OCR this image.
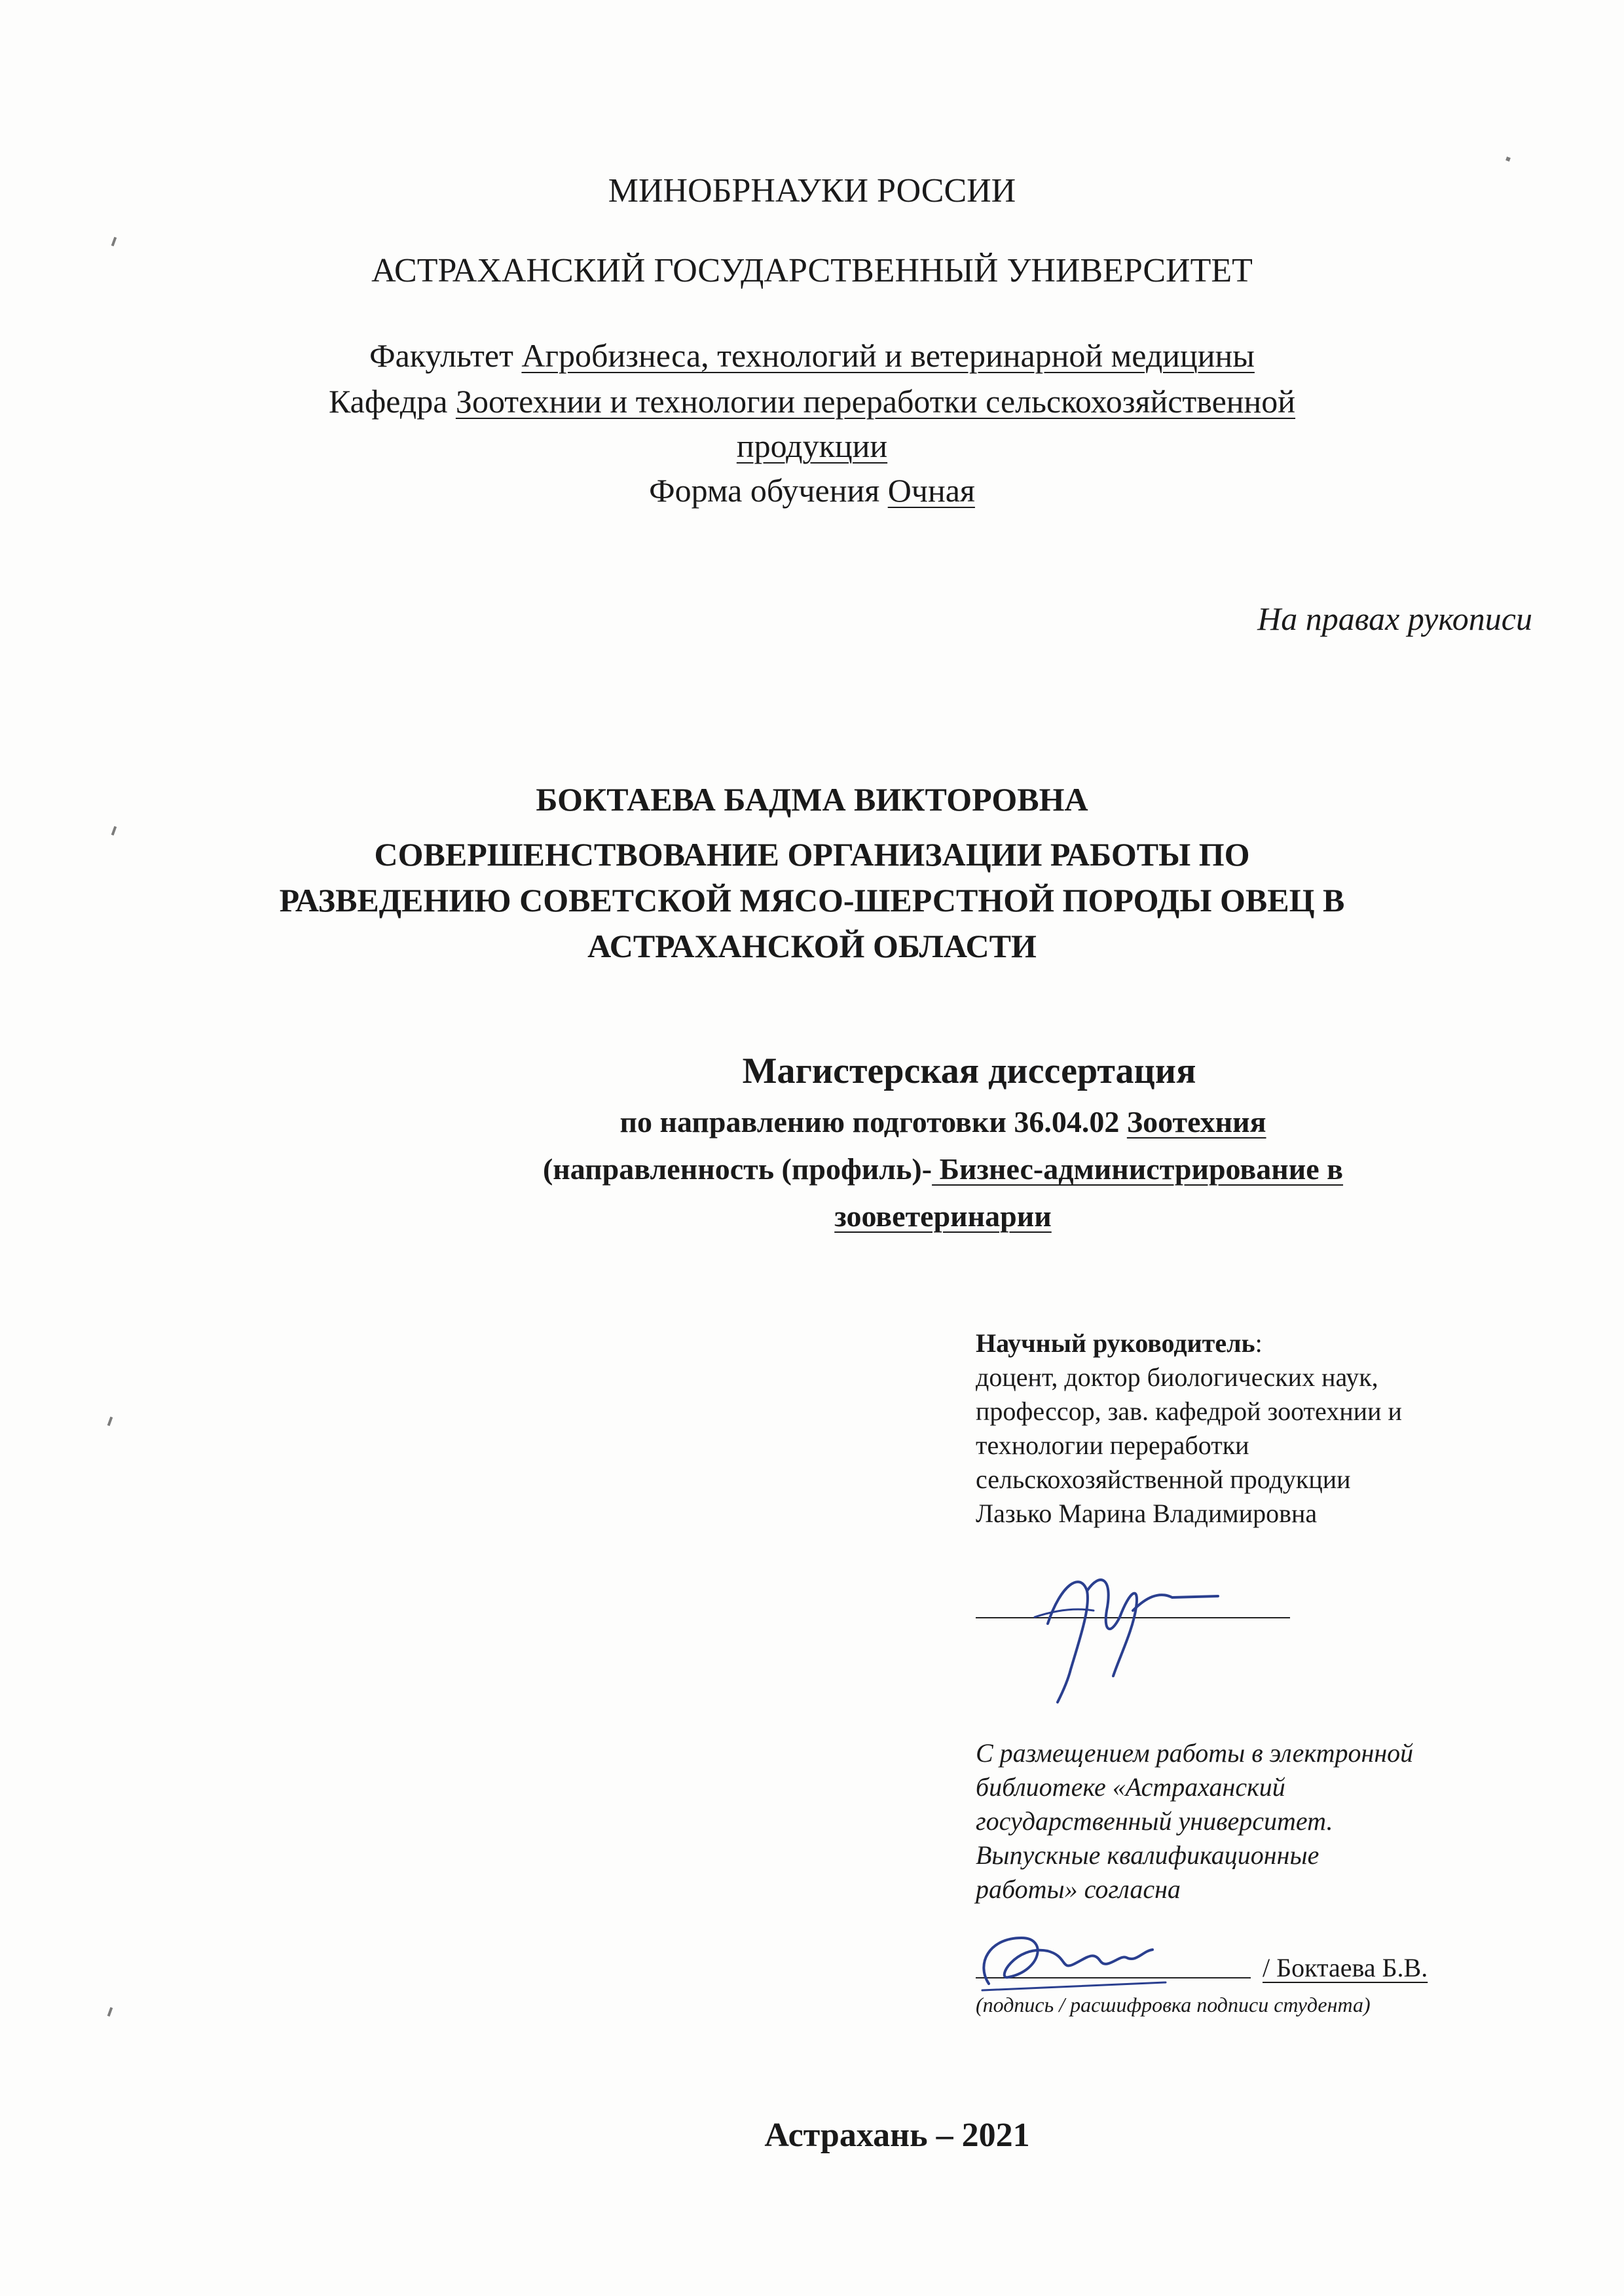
МИНОБРНАУКИ РОССИИ
АСТРАХАНСКИЙ ГОСУДАРСТВЕННЫЙ УНИВЕРСИТЕТ
Факультет Агробизнеса, технологий и ветеринарной медицины
Кафедра Зоотехнии и технологии переработки сельскохозяйственной
продукции
Форма обучения Очная
На правах рукописи
БОКТАЕВА БАДМА ВИКТОРОВНА
СОВЕРШЕНСТВОВАНИЕ ОРГАНИЗАЦИИ РАБОТЫ ПО
РАЗВЕДЕНИЮ СОВЕТСКОЙ МЯСО-ШЕРСТНОЙ ПОРОДЫ ОВЕЦ В
АСТРАХАНСКОЙ ОБЛАСТИ
Магистерская диссертация
по направлению подготовки 36.04.02 Зоотехния
(направленность (профиль)- Бизнес-администрирование в
зооветеринарии
Научный руководитель:
доцент, доктор биологических наук,
профессор, зав. кафедрой зоотехнии и
технологии переработки
сельскохозяйственной продукции
Лазько Марина Владимировна
С размещением работы в электронной
библиотеке «Астраханский
государственный университет.
Выпускные квалификационные
работы» согласна
/ Боктаева Б.В.
(подпись / расшифровка подписи студента)
Астрахань – 2021
